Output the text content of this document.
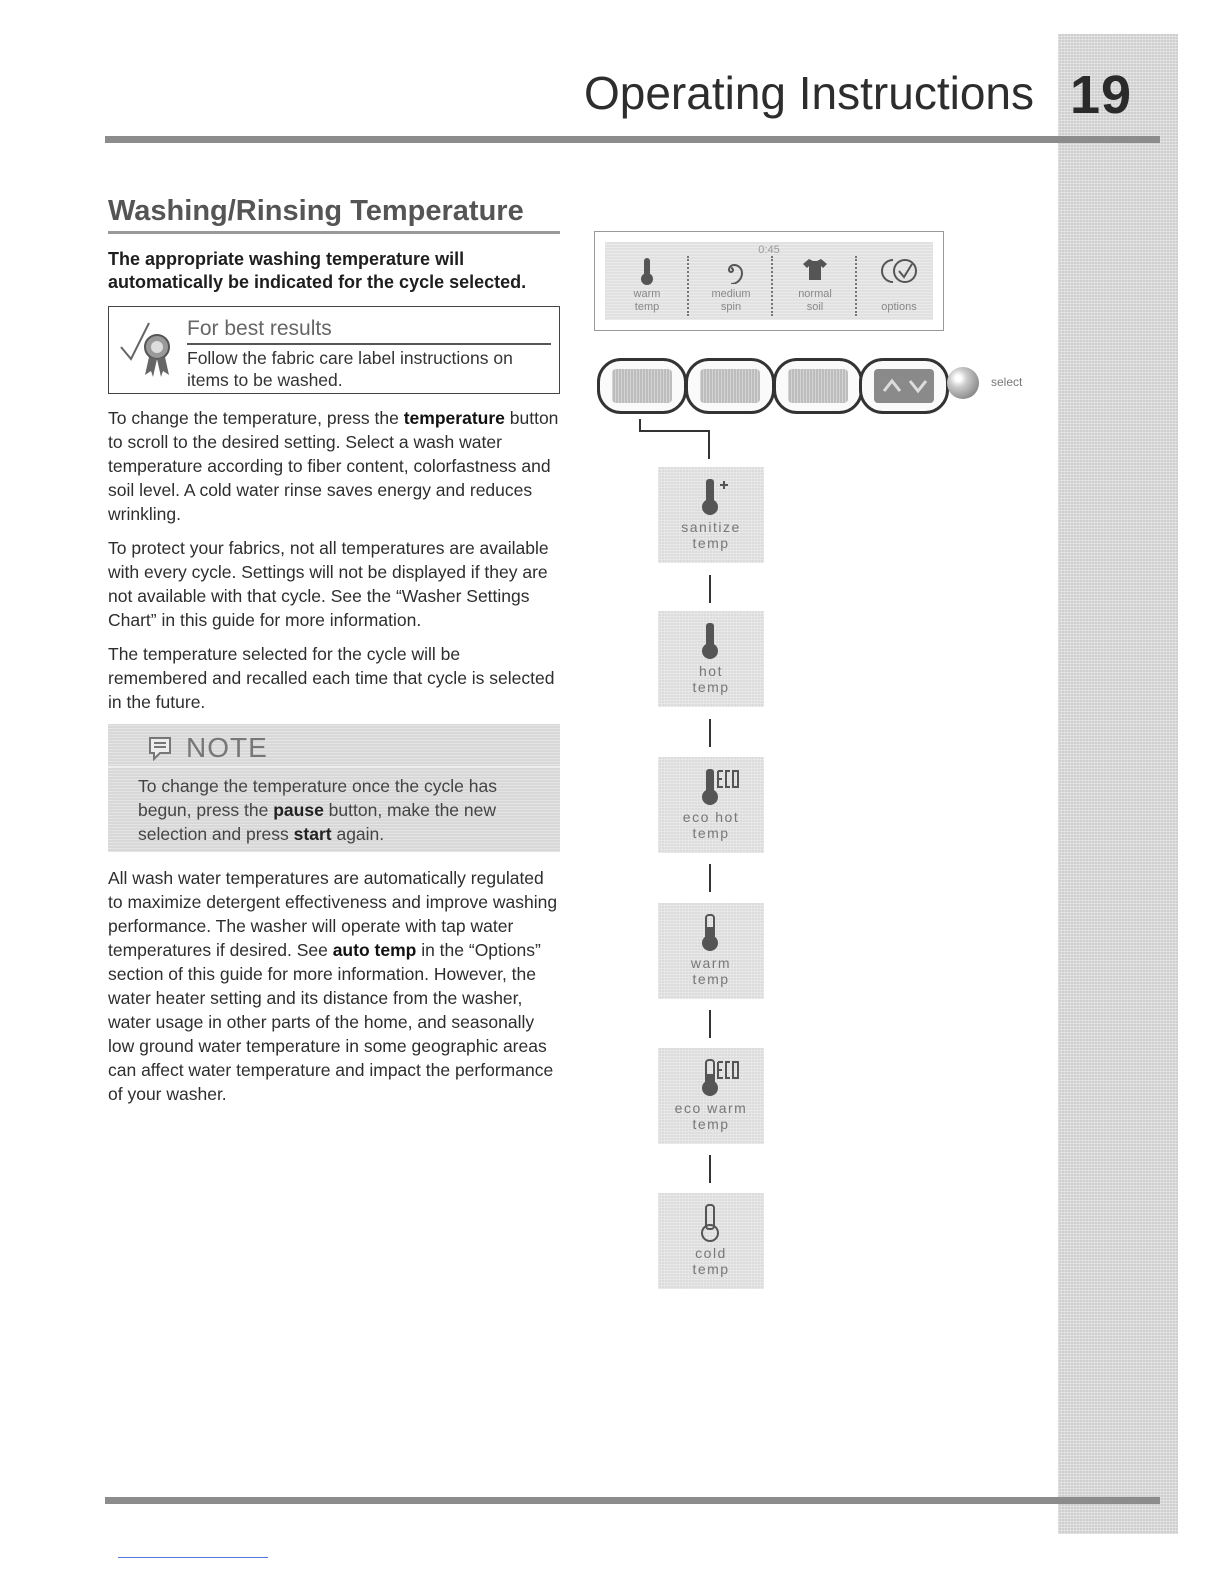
19
Operating Instructions
Washing/Rinsing Temperature

The appropriate washing temperature will automatically be indicated for the cycle selected.

For best results
Follow the fabric care label instructions on items to be washed.

To change the temperature, press the temperature button to scroll to the desired setting. Select a wash water temperature according to fiber content, colorfastness and soil level. A cold water rinse saves energy and reduces wrinkling.

To protect your fabrics, not all temperatures are available with every cycle. Settings will not be displayed if they are not available with that cycle. See the “Washer Settings Chart” in this guide for more information.

The temperature selected for the cycle will be remembered and recalled each time that cycle is selected in the future.

NOTE
To change the temperature once the cycle has begun, press the pause button, make the new selection and press start again.

All wash water temperatures are automatically regulated to maximize detergent effectiveness and improve washing performance. The washer will operate with tap water temperatures if desired. See auto temp in the “Options” section of this guide for more information. However, the water heater setting and its distance from the washer, water usage in other parts of the home, and seasonally low ground water temperature in some geographic areas can affect water temperature and impact the performance of your washer.

0:45
warm
temp
medium
spin
normal
soil	options
select
sanitize
temp
hot
temp
eco hot
temp
warm
temp
eco warm
temp
cold
temp
